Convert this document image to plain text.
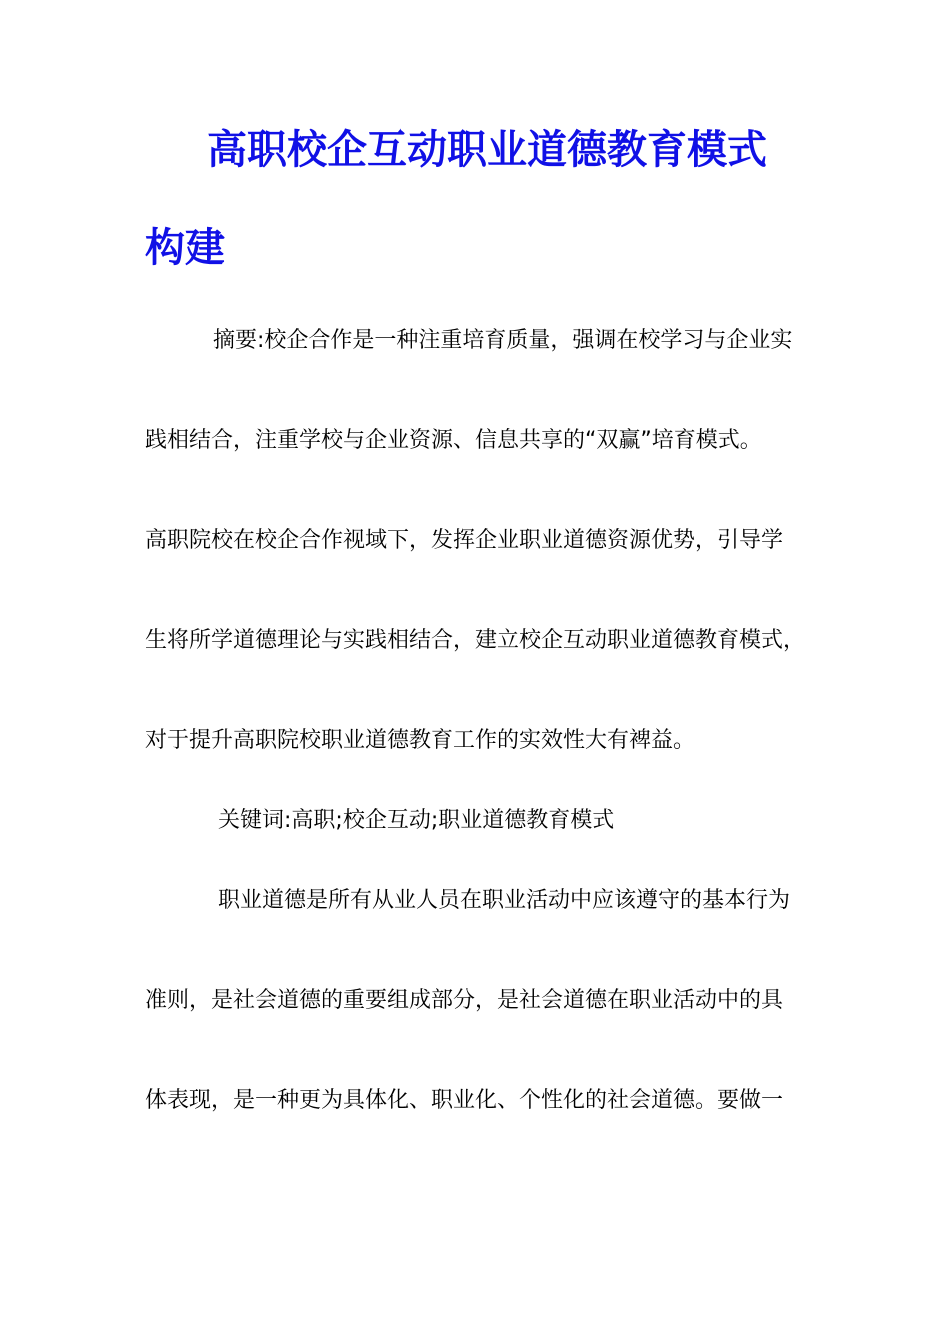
高职校企互动职业道德教育模式
构建

摘要:校企合作是一种注重培育质量，强调在校学习与企业实

践相结合，注重学校与企业资源、信息共享的“双赢”培育模式。

高职院校在校企合作视域下，发挥企业职业道德资源优势，引导学

生将所学道德理论与实践相结合，建立校企互动职业道德教育模式，

对于提升高职院校职业道德教育工作的实效性大有裨益。

关键词:高职;校企互动;职业道德教育模式

职业道德是所有从业人员在职业活动中应该遵守的基本行为

准则，是社会道德的重要组成部分，是社会道德在职业活动中的具

体表现，是一种更为具体化、职业化、个性化的社会道德。要做一
